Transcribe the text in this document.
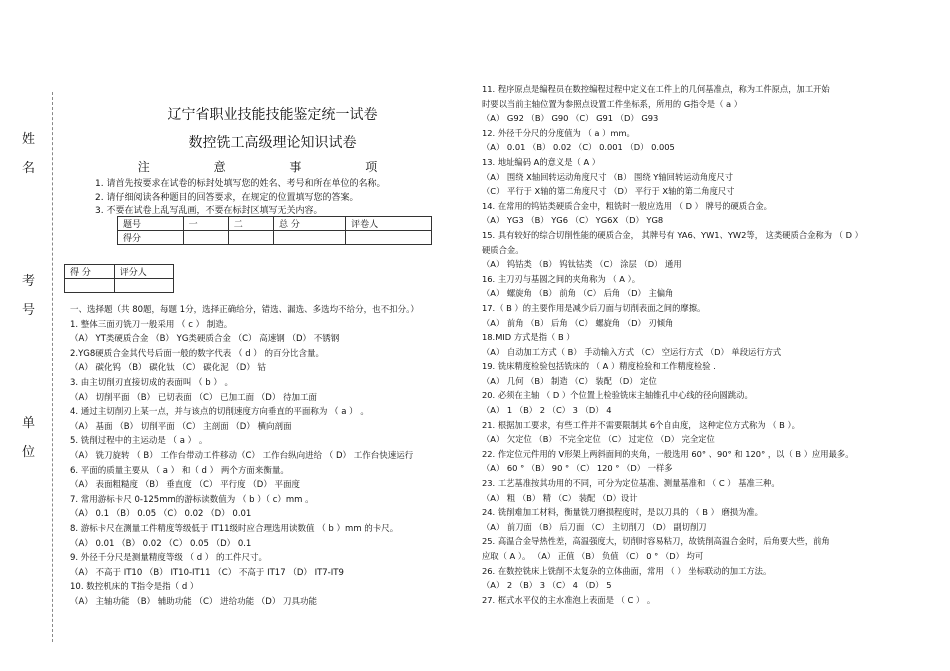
姓
名
考
号
单
位
辽宁省职业技能技能鉴定统一试卷
数控铣工高级理论知识试卷
注 意 事 项
1. 请首先按要求在试卷的标封处填写您的姓名、考号和所在单位的名称。
2. 请仔细阅读各种题目的回答要求，在规定的位置填写您的答案。
3. 不要在试卷上乱写乱画，不要在标封区填写无关内容。
题号	一	二	总 分	评卷人
得分				
得 分	评分人

一、选择题（共 80题，每题 1分，选择正确给分，错选、漏选、多选均不给分，也不扣分。）
1. 整体三面刃铣刀一般采用 （ c ） 制造。
（A） YT类硬质合金 （B） YG类硬质合金 （C） 高速钢 （D） 不锈钢
2.YG8硬质合金其代号后面一般的数字代表 （ d ） 的百分比含量。
（A） 碳化钨 （B） 碳化钛 （C） 碳化泥 （D） 钴
3. 由主切削刃直接切成的表面叫 （ b ） 。
（A） 切削平面 （B） 已切表面 （C） 已加工面 （D） 待加工面
4. 通过主切削刃上某一点，并与该点的切削速度方向垂直的平面称为 （ a ） 。
（A） 基面 （B） 切削平面 （C） 主剖面 （D） 横向剖面
5. 铣削过程中的主运动是 （ a ） 。
（A） 铣刀旋转 （ B） 工作台带动工件移动（C） 工作台纵向进给 （ D） 工作台快速运行
6. 平面的质量主要从 （ a ） 和（ d ） 两个方面来衡量。
（A） 表面粗糙度 （B） 垂直度 （C） 平行度 （D） 平面度
7. 常用游标卡尺 0-125mm的游标读数值为 （ b ）（ c）mm 。
（A） 0.1 （B） 0.05 （C） 0.02 （D） 0.01
8. 游标卡尺在测量工件精度等级低于 IT11级时应合理选用读数值 （ b ）mm 的卡尺。
（A） 0.01 （B） 0.02 （C） 0.05 （D） 0.1
9. 外径千分尺是测量精度等级 （ d ） 的工件尺寸。
（A） 不高于 IT10 （B） IT10-IT11 （C） 不高于 IT17 （D） IT7-IT9
10. 数控机床的 T指令是指（ d ）
（A） 主轴功能 （B） 辅助功能 （C） 进给功能 （D） 刀具功能
11. 程序原点是编程员在数控编程过程中定义在工件上的几何基准点，称为工件原点，加工开始
时要以当前主轴位置为参照点设置工件坐标系，所用的 G指令是（ a ）
（A） G92 （B） G90 （C） G91 （D） G93
12. 外径千分尺的分度值为 （ a ）mm。
（A） 0.01 （B） 0.02 （C） 0.001 （D） 0.005
13. 地址编码 A的意义是（ A ）
（A） 围绕 X轴回转运动角度尺寸 （B） 围绕 Y轴回转运动角度尺寸
（C） 平行于 X轴的第二角度尺寸 （D） 平行于 X轴的第二角度尺寸
14. 在常用的钨钴类硬质合金中，粗铣时一般应选用 （ D ） 牌号的硬质合金。
（A） YG3 （B） YG6 （C） YG6X （D） YG8
15. 具有较好的综合切削性能的硬质合金， 其牌号有 YA6、YW1、YW2等， 这类硬质合金称为 （ D ）
硬质合金。
（A） 钨钴类 （B） 钨钛钴类 （C） 涂层 （D） 通用
16. 主刀刃与基圆之间的夹角称为 （ A ）。
（A） 螺旋角 （B） 前角 （C） 后角 （D） 主偏角
17.（ B ）的主要作用是减少后刀面与切削表面之间的摩擦。
（A） 前角 （B） 后角 （C） 螺旋角 （D） 刃倾角
18.MID 方式是指（ B ）
（A） 自动加工方式（ B） 手动输入方式 （C） 空运行方式 （D） 单段运行方式
19. 铣床精度检验包括铣床的 （ A ）精度检验和工作精度检验 .
（A） 几何 （B） 制造 （C） 装配 （D） 定位
20. 必须在主轴 （ D ）个位置上检验铣床主轴锥孔中心线的径向圆跳动。
（A） 1 （B） 2 （C） 3 （D） 4
21. 根据加工要求，有些工件并不需要限制其 6个自由度， 这种定位方式称为 （ B ）。
（A） 欠定位 （B） 不完全定位 （C） 过定位 （D） 完全定位
22. 作定位元件用的 V形架上两斜面间的夹角，一般选用 60° 、90° 和 120° ，以（ B ）应用最多。
（A） 60 ° （B） 90 ° （C） 120 ° （D） 一样多
23. 工艺基准按其功用的不同，可分为定位基准、测量基准和 （ C ） 基准三种。
（A） 粗 （B） 精 （C） 装配 （D）设计
24. 铣削难加工材料，衡量铣刀磨损程度时，是以刀具的 （ B ） 磨损为准。
（A） 前刀面 （B） 后刀面 （C） 主切削刀 （D） 副切削刀
25. 高温合金导热性差，高温强度大，切削时容易粘刀，故铣削高温合金时，后角要大些，前角
应取（ A ）。 （A） 正值 （B） 负值 （C） 0 ° （D） 均可
26. 在数控铣床上铣削不太复杂的立体曲面，常用 （ ） 坐标联动的加工方法。
（A） 2 （B） 3 （C） 4 （D） 5
27. 框式水平仪的主水准泡上表面是 （ C ） 。
